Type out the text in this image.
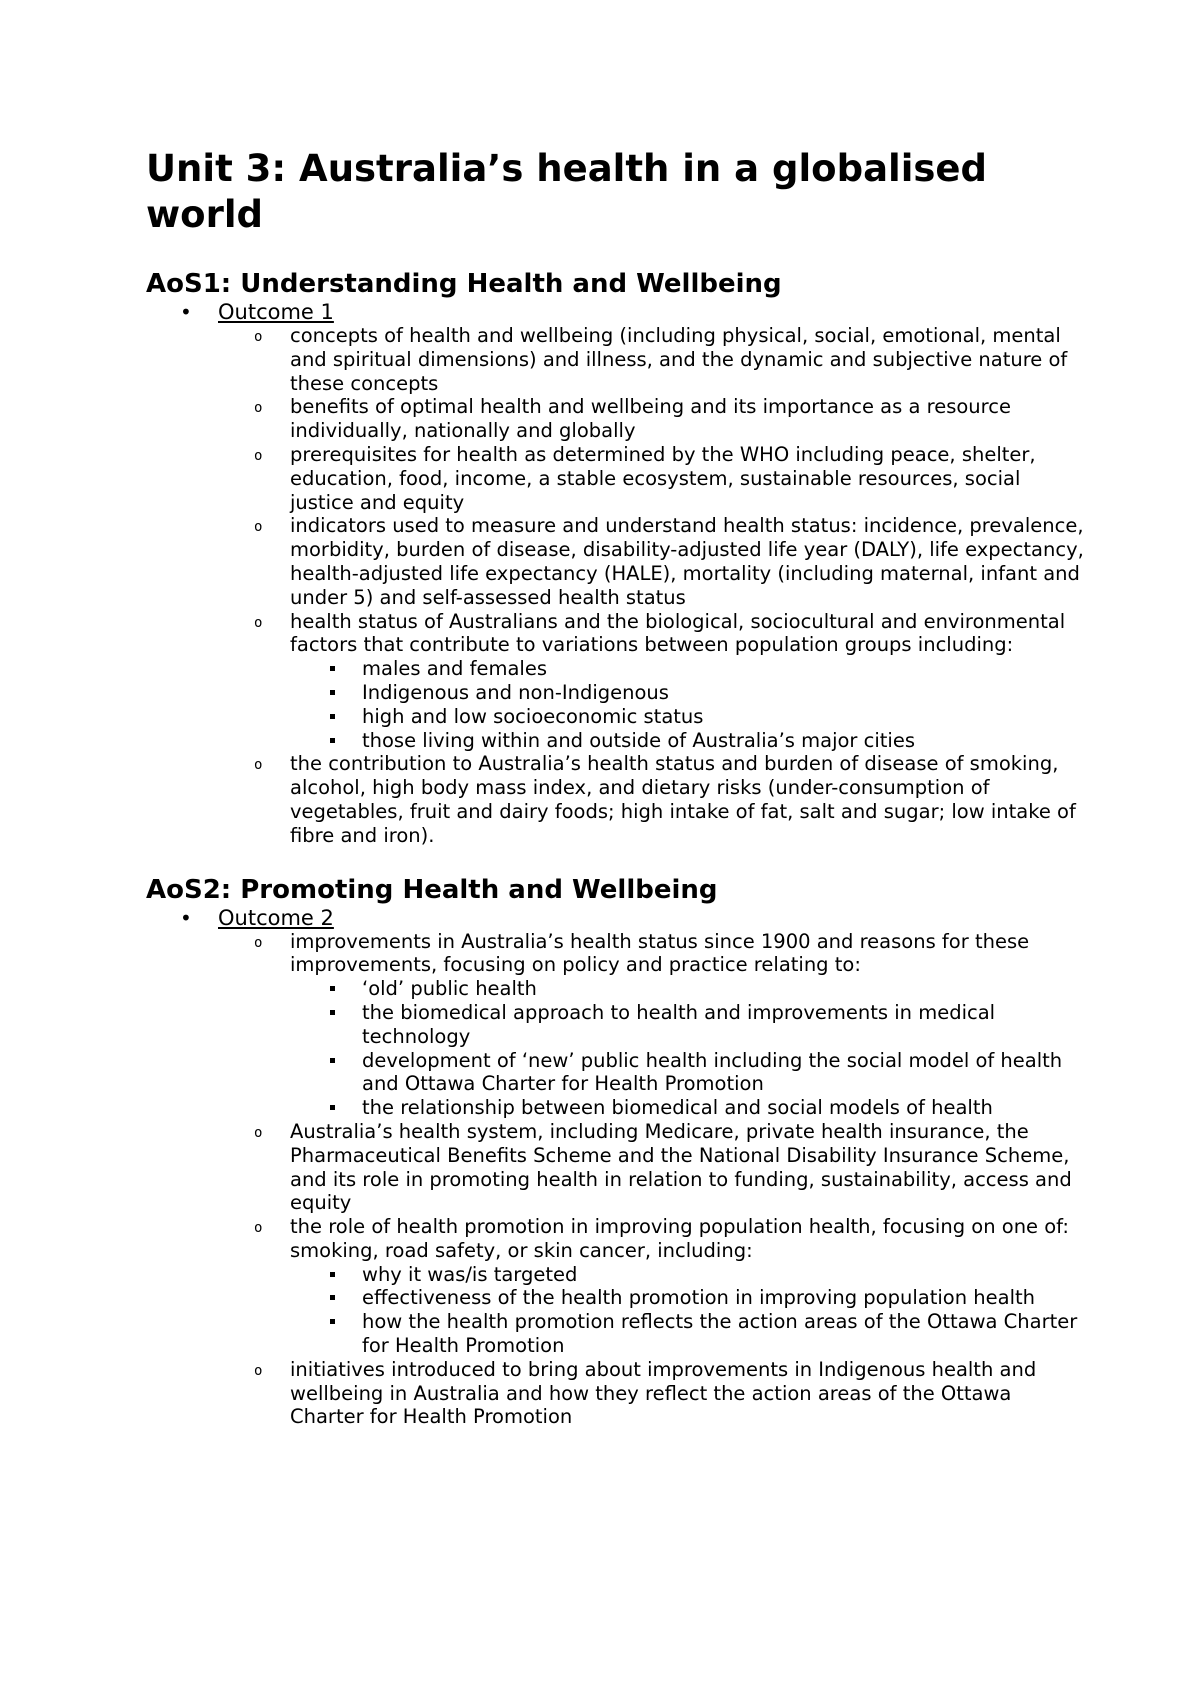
Unit 3: Australia’s health in a globalised world
AoS1: Understanding Health and Wellbeing
• Outcome 1
o concepts of health and wellbeing (including physical, social, emotional, mental and spiritual dimensions) and illness, and the dynamic and subjective nature of these concepts
o benefits of optimal health and wellbeing and its importance as a resource individually, nationally and globally
o prerequisites for health as determined by the WHO including peace, shelter, education, food, income, a stable ecosystem, sustainable resources, social justice and equity
o indicators used to measure and understand health status: incidence, prevalence, morbidity, burden of disease, disability-adjusted life year (DALY), life expectancy, health-adjusted life expectancy (HALE), mortality (including maternal, infant and under 5) and self-assessed health status
o health status of Australians and the biological, sociocultural and environmental factors that contribute to variations between population groups including:
males and females
Indigenous and non-Indigenous
high and low socioeconomic status
those living within and outside of Australia’s major cities
o the contribution to Australia’s health status and burden of disease of smoking, alcohol, high body mass index, and dietary risks (under-consumption of vegetables, fruit and dairy foods; high intake of fat, salt and sugar; low intake of fibre and iron).
AoS2: Promoting Health and Wellbeing
• Outcome 2
o improvements in Australia’s health status since 1900 and reasons for these improvements, focusing on policy and practice relating to:
‘old’ public health
the biomedical approach to health and improvements in medical technology
development of ‘new’ public health including the social model of health and Ottawa Charter for Health Promotion
the relationship between biomedical and social models of health
o Australia’s health system, including Medicare, private health insurance, the Pharmaceutical Benefits Scheme and the National Disability Insurance Scheme, and its role in promoting health in relation to funding, sustainability, access and equity
o the role of health promotion in improving population health, focusing on one of: smoking, road safety, or skin cancer, including:
why it was/is targeted
effectiveness of the health promotion in improving population health
how the health promotion reflects the action areas of the Ottawa Charter for Health Promotion
o initiatives introduced to bring about improvements in Indigenous health and wellbeing in Australia and how they reflect the action areas of the Ottawa Charter for Health Promotion
